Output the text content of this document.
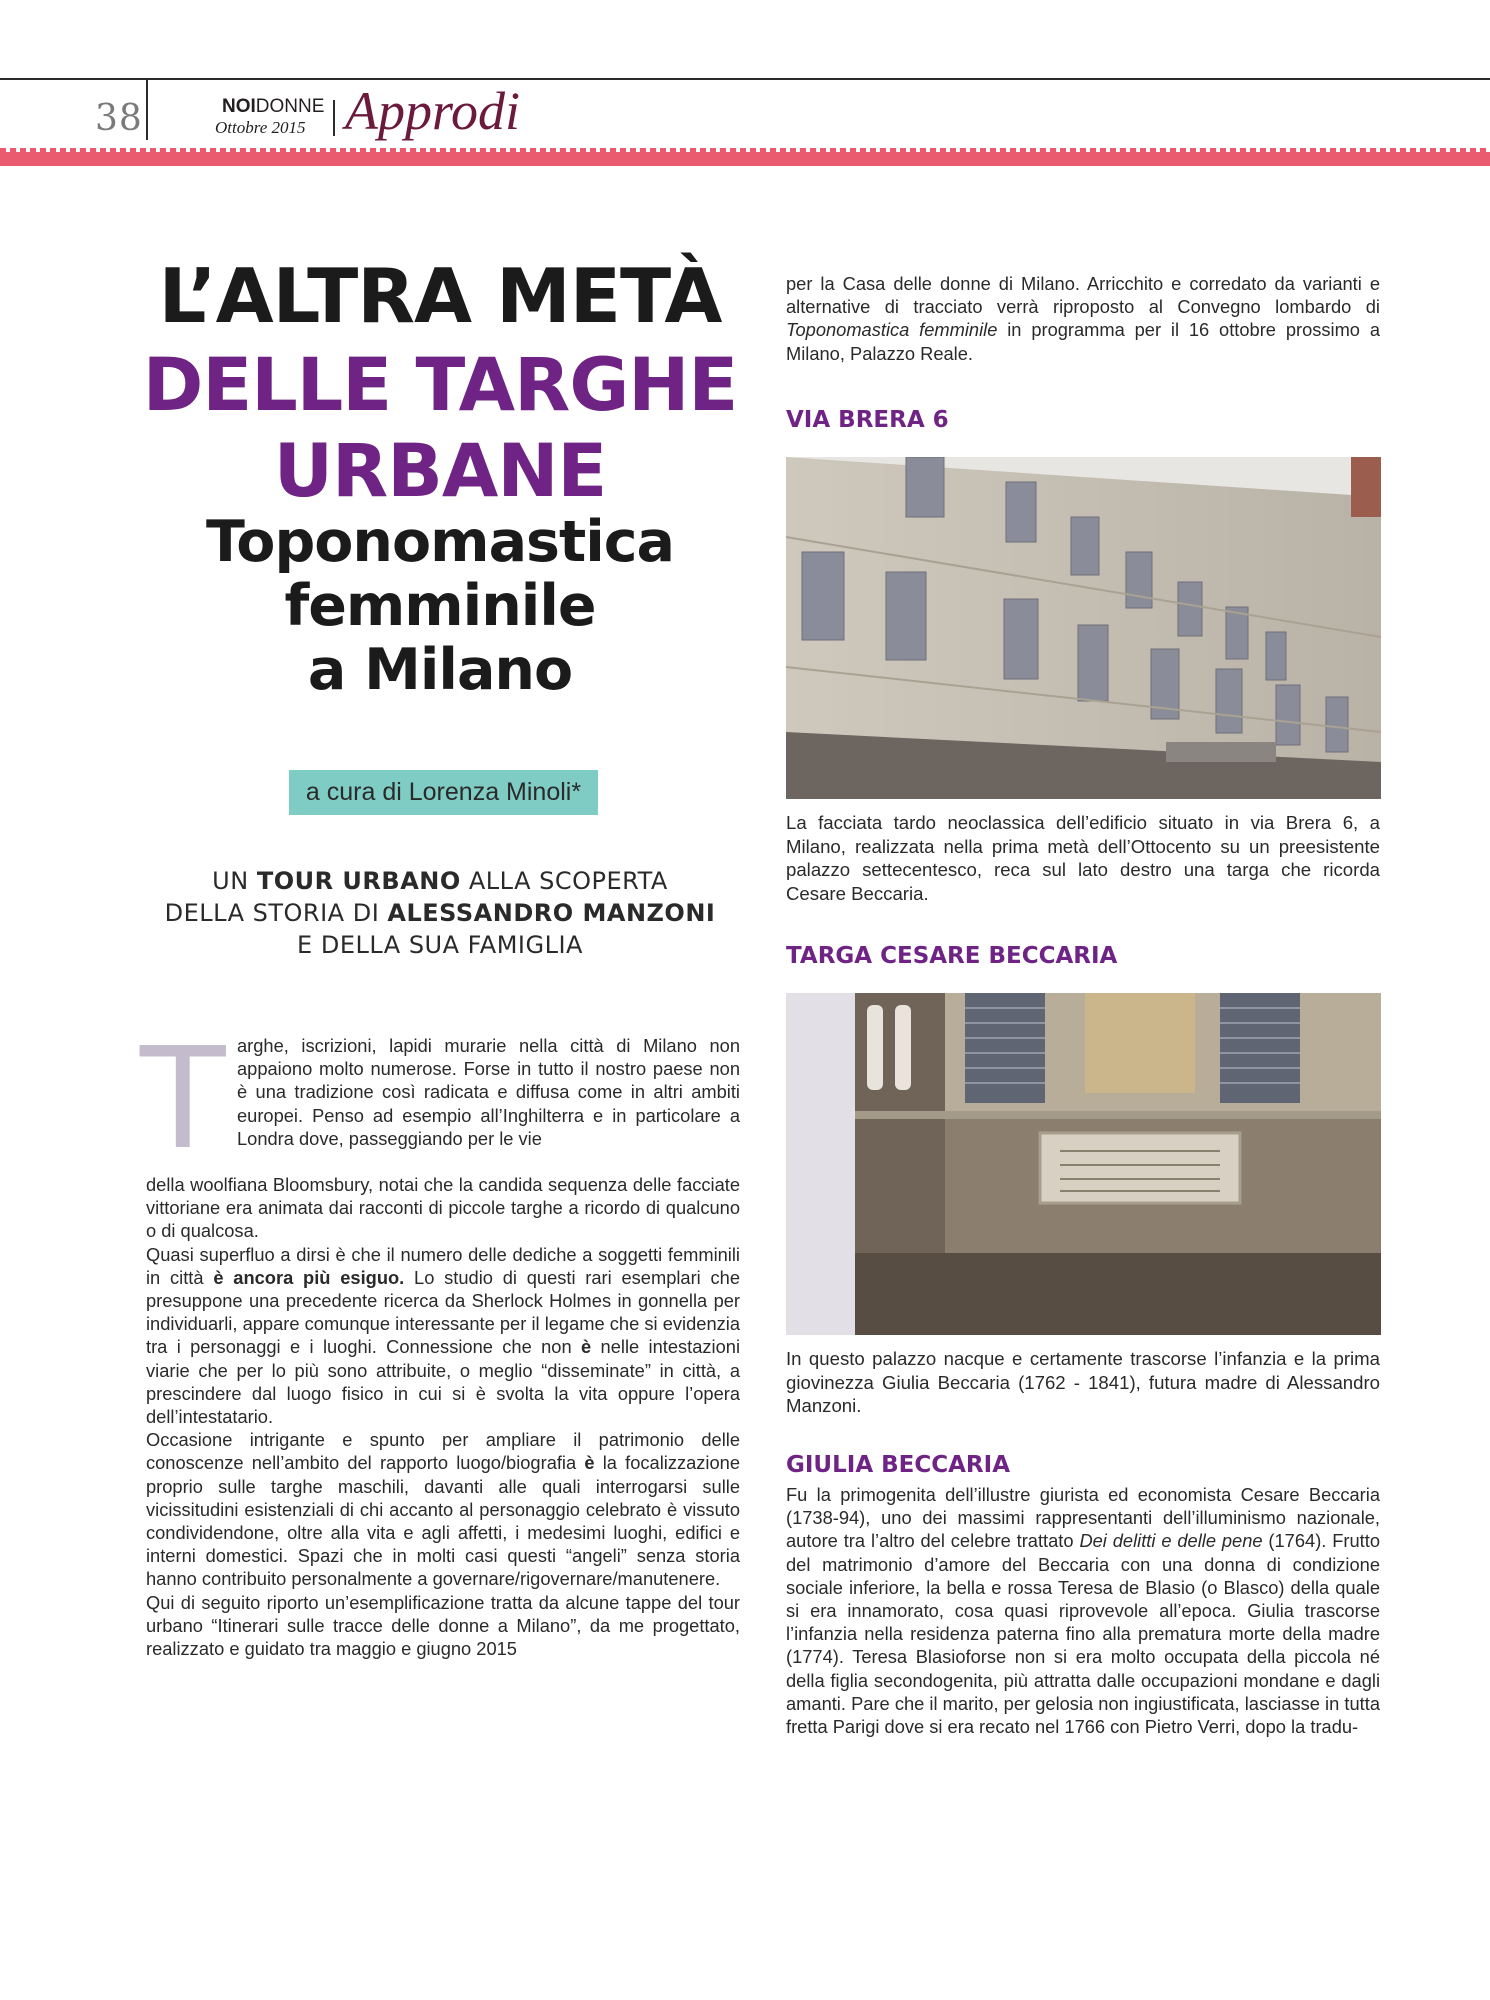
38	NOIDONNE
Ottobre 2015 Approdi
L’ALTRA METÀ
DELLE TARGHE
URBANE
Toponomastica
femminile
a Milano
a cura di Lorenza Minoli*
UN TOUR URBANO ALLA SCOPERTA
DELLA STORIA DI ALESSANDRO MANZONI
E DELLA SUA FAMIGLIA
T arghe, iscrizioni, lapidi murarie nella città di Milano non appaiono molto numerose. Forse in tutto il nostro paese non è una tradizione così radicata e diffusa come in altri ambiti europei. Penso ad esempio all’Inghilterra e in particolare a Londra dove, passeggiando per le vie

della woolfiana Bloomsbury, notai che la candida sequenza delle facciate vittoriane era animata dai racconti di piccole targhe a ricordo di qualcuno o di qualcosa.

Quasi superfluo a dirsi è che il numero delle dediche a soggetti femminili in città è ancora più esiguo. Lo studio di questi rari esemplari che presuppone una precedente ricerca da Sherlock Holmes in gonnella per individuarli, appare comunque interessante per il legame che si evidenzia tra i personaggi e i luoghi. Connessione che non è nelle intestazioni viarie che per lo più sono attribuite, o meglio “disseminate” in città, a prescindere dal luogo fisico in cui si è svolta la vita oppure l’opera dell’intestatario.

Occasione intrigante e spunto per ampliare il patrimonio delle conoscenze nell’ambito del rapporto luogo/biografia è la focalizzazione proprio sulle targhe maschili, davanti alle quali interrogarsi sulle vicissitudini esistenziali di chi accanto al personaggio celebrato è vissuto condividendone, oltre alla vita e agli affetti, i medesimi luoghi, edifici e interni domestici. Spazi che in molti casi questi “angeli” senza storia hanno contribuito personalmente a governare/rigovernare/manutenere.

Qui di seguito riporto un’esemplificazione tratta da alcune tappe del tour urbano “Itinerari sulle tracce delle donne a Milano”, da me progettato, realizzato e guidato tra maggio e giugno 2015

per la Casa delle donne di Milano. Arricchito e corredato da varianti e alternative di tracciato verrà riproposto al Convegno lombardo di Toponomastica femminile in programma per il 16 ottobre prossimo a Milano, Palazzo Reale.

VIA BRERA 6
La facciata tardo neoclassica dell’edificio situato in via Brera 6, a Milano, realizzata nella prima metà dell’Ottocento su un preesistente palazzo settecentesco, reca sul lato destro una targa che ricorda Cesare Beccaria.
TARGA CESARE BECCARIA
In questo palazzo nacque e certamente trascorse l’infanzia e la prima giovinezza Giulia Beccaria (1762 - 1841), futura madre di Alessandro Manzoni.
GIULIA BECCARIA

Fu la primogenita dell’illustre giurista ed economista Cesare Beccaria (1738-94), uno dei massimi rappresentanti dell’illuminismo nazionale, autore tra l’altro del celebre trattato Dei delitti e delle pene (1764). Frutto del matrimonio d’amore del Beccaria con una donna di condizione sociale inferiore, la bella e rossa Teresa de Blasio (o Blasco) della quale si era innamorato, cosa quasi riprovevole all’epoca. Giulia trascorse l’infanzia nella residenza paterna fino alla prematura morte della madre (1774). Teresa Blasioforse non si era molto occupata della piccola né della figlia secondogenita, più attratta dalle occupazioni mondane e dagli amanti. Pare che il marito, per gelosia non ingiustificata, lasciasse in tutta fretta Parigi dove si era recato nel 1766 con Pietro Verri, dopo la tradu-
